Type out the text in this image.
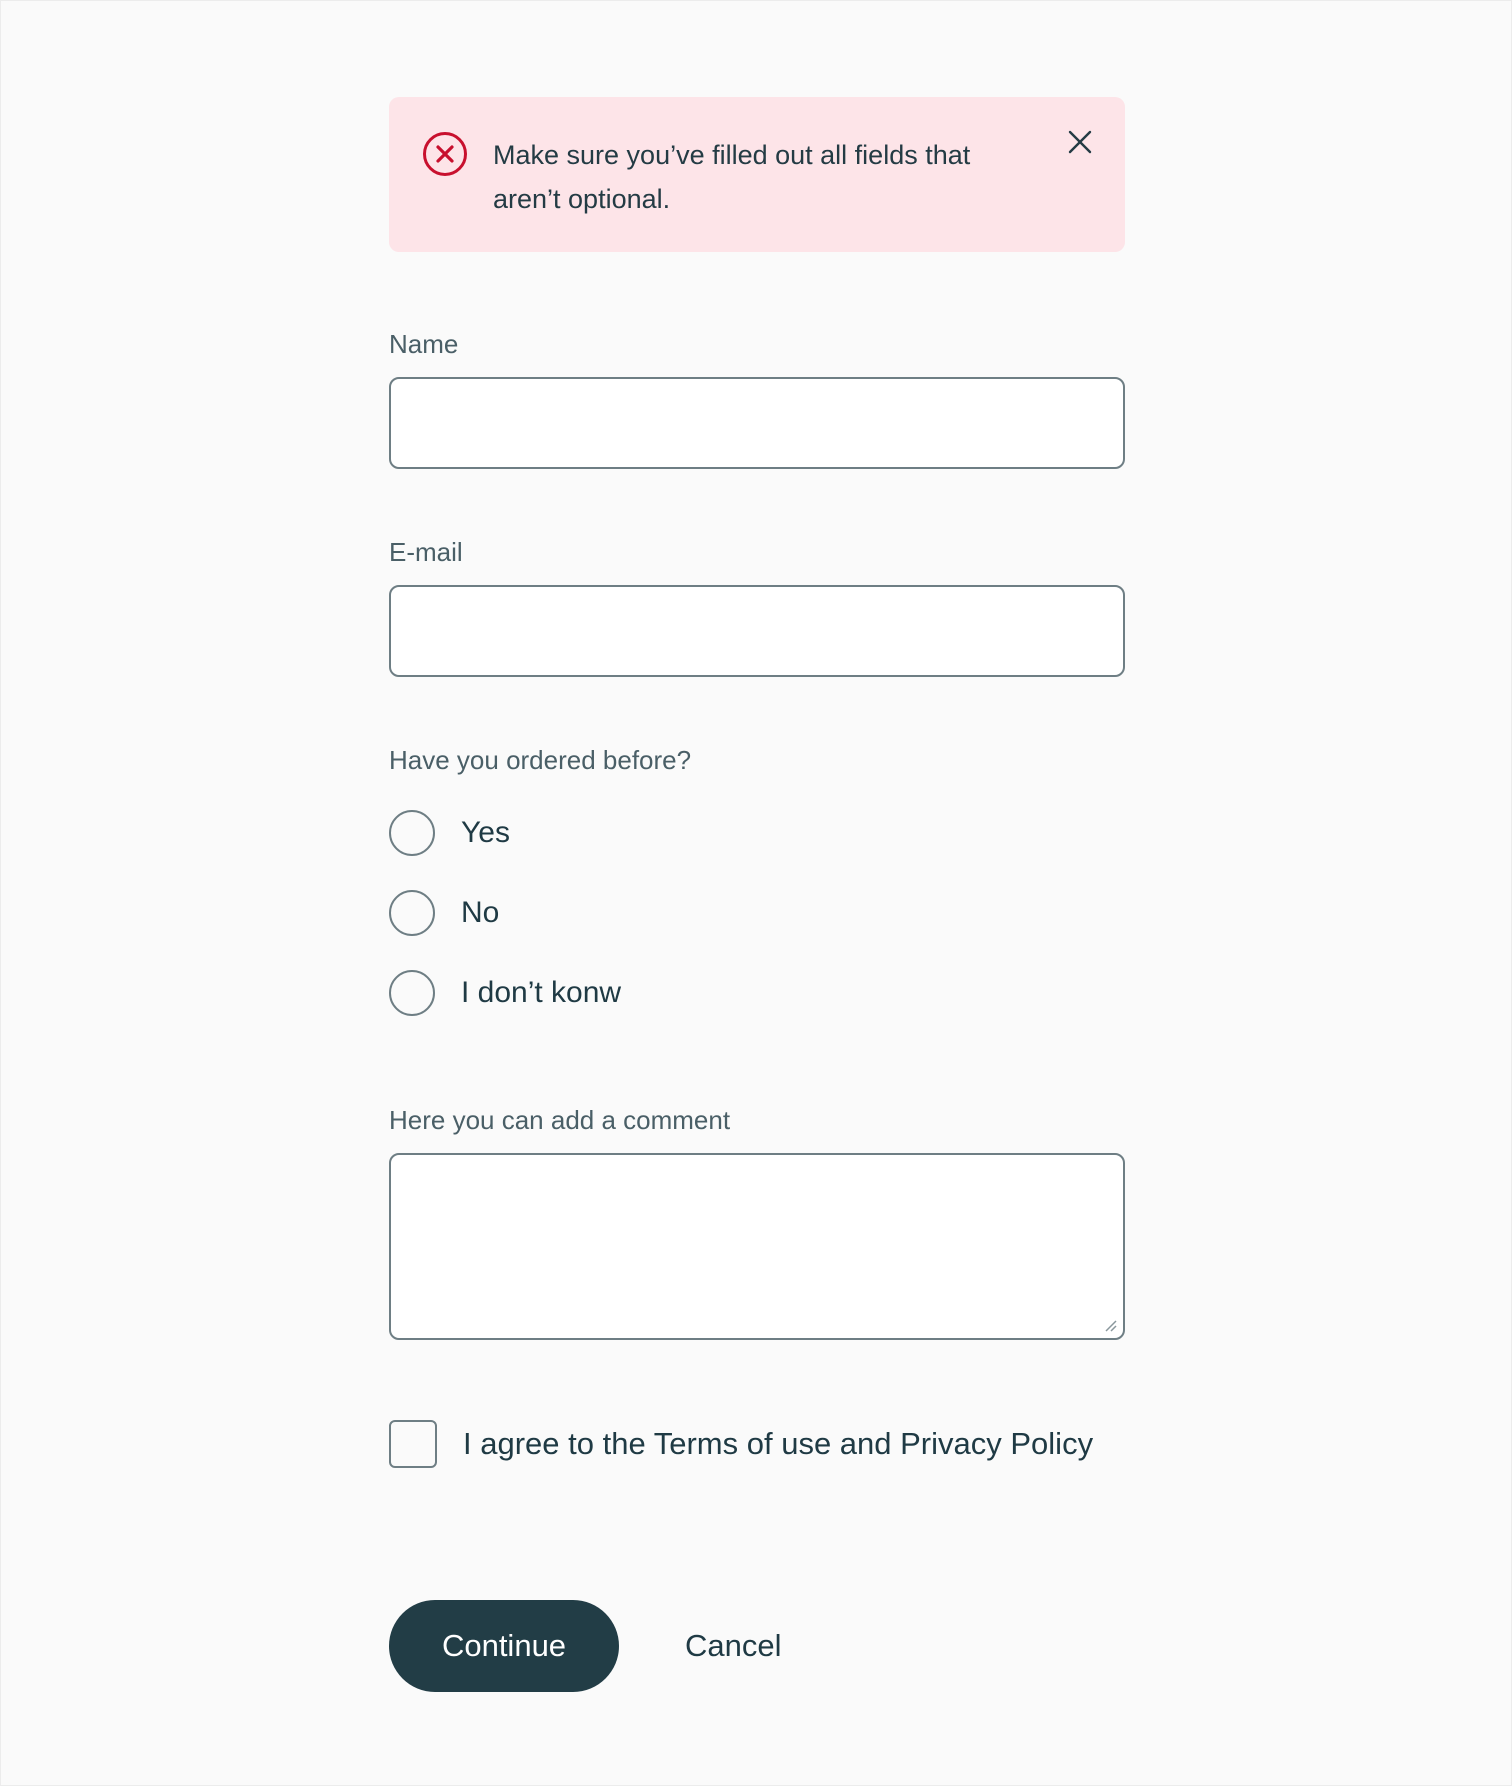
Make sure you’ve filled out all fields that aren’t optional.
Name
E-mail
Have you ordered before?
Yes
No
I don’t konw
Here you can add a comment
I agree to the Terms of use and Privacy Policy
Continue	Cancel
